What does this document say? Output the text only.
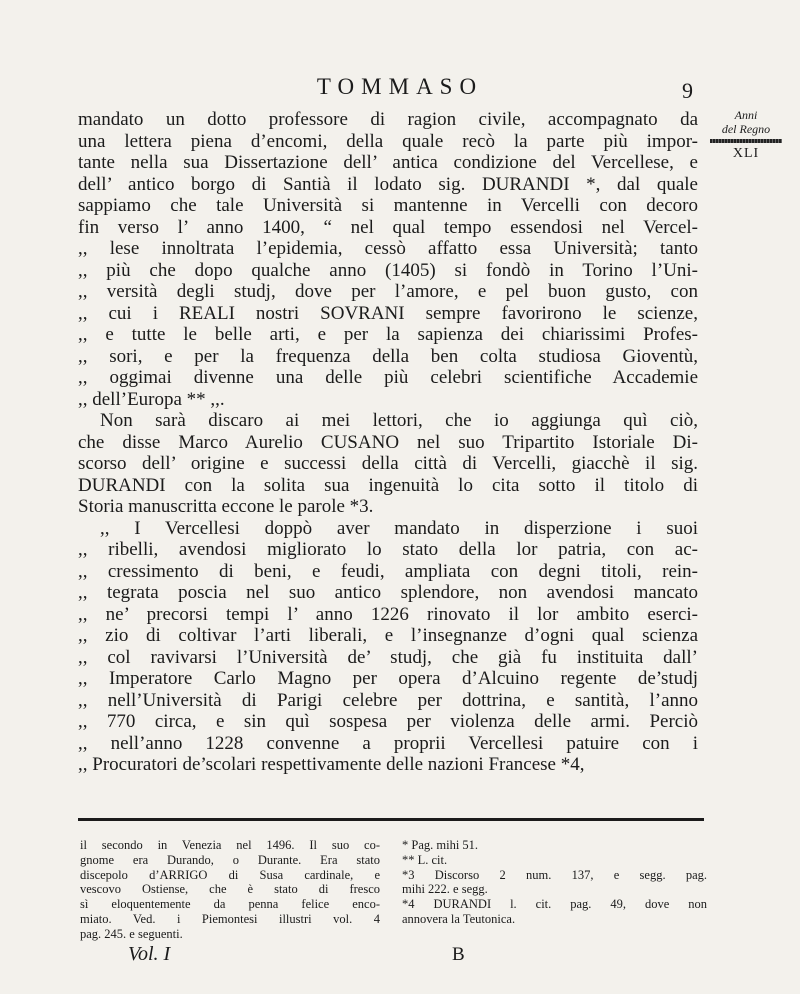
TOMMASO	9
Anni
del Regno
XLI
mandato un dotto professore di ragion civile, accompagnato da
una lettera piena d’encomi, della quale recò la parte più impor-
tante nella sua Dissertazione dell’ antica condizione del Vercellese, e
dell’ antico borgo di Santià il lodato sig. DURANDI *, dal quale
sappiamo che tale Università si mantenne in Vercelli con decoro
fin verso l’ anno 1400, “ nel qual tempo essendosi nel Vercel-
,, lese innoltrata l’epidemia, cessò affatto essa Università; tanto
,, più che dopo qualche anno (1405) si fondò in Torino l’Uni-
,, versità degli studj, dove per l’amore, e pel buon gusto, con
,, cui i REALI nostri SOVRANI sempre favorirono le scienze,
,, e tutte le belle arti, e per la sapienza dei chiarissimi Profes-
,, sori, e per la frequenza della ben colta studiosa Gioventù,
,, oggimai divenne una delle più celebri scientifiche Accademie
,, dell’Europa ** ,,.
Non sarà discaro ai mei lettori, che io aggiunga quì ciò,
che disse Marco Aurelio CUSANO nel suo Tripartito Istoriale Di-
scorso dell’ origine e successi della città di Vercelli, giacchè il sig.
DURANDI con la solita sua ingenuità lo cita sotto il titolo di
Storia manuscritta eccone le parole *3.
,, I Vercellesi doppò aver mandato in disperzione i suoi
,, ribelli, avendosi migliorato lo stato della lor patria, con ac-
,, cressimento di beni, e feudi, ampliata con degni titoli, rein-
,, tegrata poscia nel suo antico splendore, non avendosi mancato
,, ne’ precorsi tempi l’ anno 1226 rinovato il lor ambito eserci-
,, zio di coltivar l’arti liberali, e l’insegnanze d’ogni qual scienza
,, col ravivarsi l’Università de’ studj, che già fu instituita dall’
,, Imperatore Carlo Magno per opera d’Alcuino regente de’studj
,, nell’Università di Parigi celebre per dottrina, e santità, l’anno
,, 770 circa, e sin quì sospesa per violenza delle armi. Perciò
,, nell’anno 1228 convenne a proprii Vercellesi patuire con i
,, Procuratori de’scolari respettivamente delle nazioni Francese *4,
il secondo in Venezia nel 1496. Il suo co-
gnome era Durando, o Durante. Era stato
discepolo d’ARRIGO di Susa cardinale, e
vescovo Ostiense, che è stato di fresco
sì eloquentemente da penna felice enco-
miato. Ved. i Piemontesi illustri vol. 4
pag. 245. e seguenti.
* Pag. mihi 51.
** L. cit.
*3 Discorso 2 num. 137, e segg. pag.
mihi 222. e segg.
*4 DURANDI l. cit. pag. 49, dove non
annovera la Teutonica.
Vol. I	B
